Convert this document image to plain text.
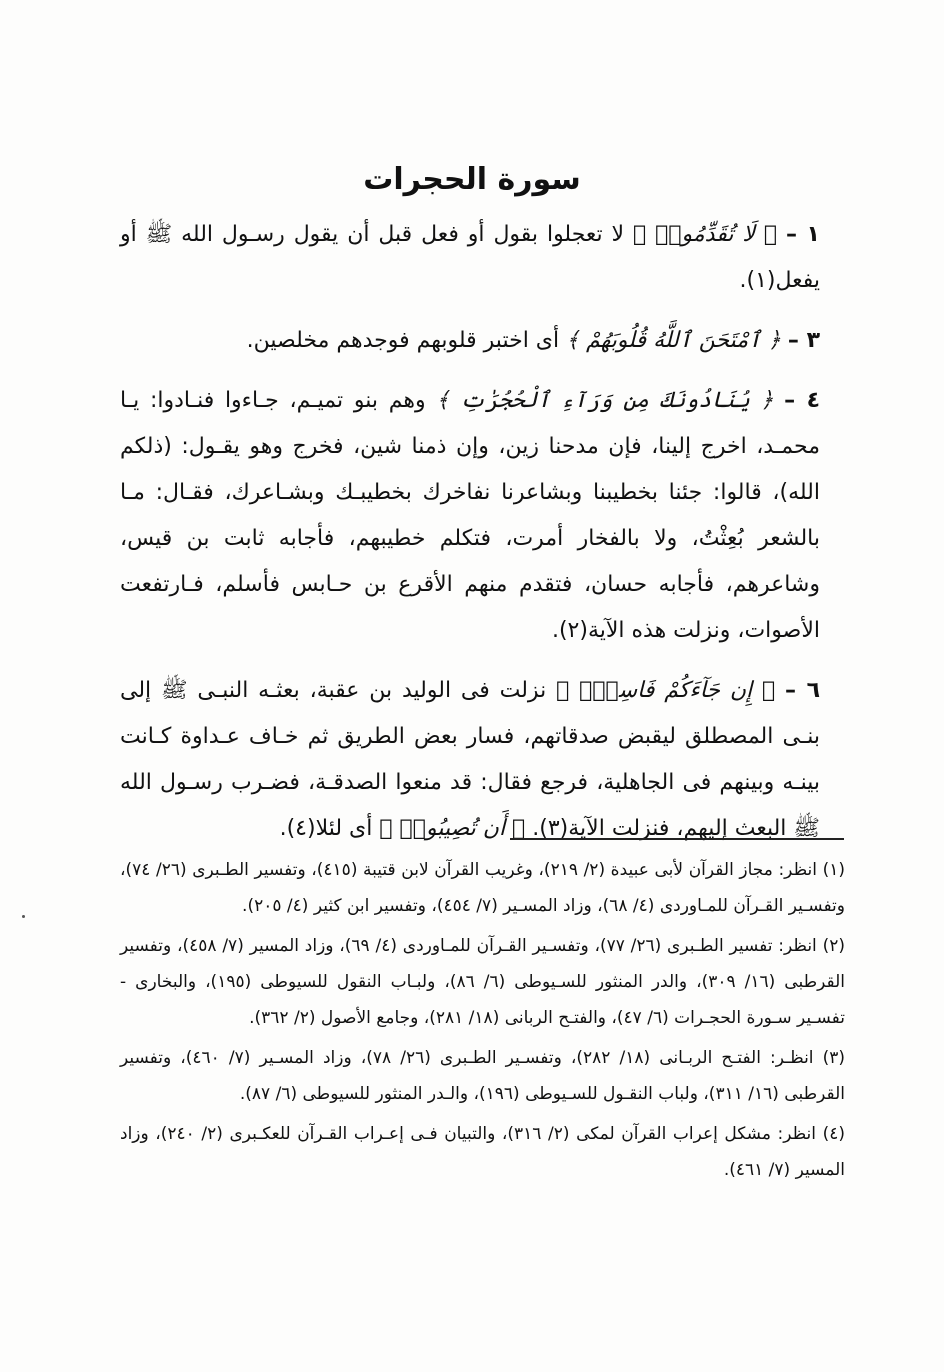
سورة الحجرات

١ – ﴿ لَا تُقَدِّمُوا۟ ﴾ لا تعجلوا بقول أو فعل قبل أن يقول رسـول الله ﷺ أو يفعل(١).

٣ – ﴿ ٱمْتَحَنَ ٱللَّهُ قُلُوبَهُمْ ﴾ أى اختبر قلوبهم فوجدهم مخلصين.

٤ – ﴿ يُنَادُونَكَ مِن وَرَآءِ ٱلْحُجُرَٰتِ ﴾ وهم بنو تميـم، جـاءوا فنـادوا: يـا محمـد، اخرج إلينا، فإن مدحنا زين، وإن ذمنا شين، فخرج وهو يقـول: (ذلكم الله)، قالوا: جئنا بخطيبنا وبشاعرنا نفاخرك بخطيبـك وبشـاعرك، فقـال: مـا بالشعر بُعِثْتُ، ولا بالفخار أمرت، فتكلم خطيبهم، فأجابه ثابت بن قيس، وشاعرهم، فأجابه حسان، فتقدم منهم الأقرع بن حـابس فأسلم، فـارتفعت الأصوات، ونزلت هذه الآية(٢).

٦ – ﴿ إِن جَآءَكُمْ فَاسِقٌۢ ﴾ نزلت فى الوليد بن عقبة، بعثـه النبـى ﷺ إلى بنـى المصطلق ليقبض صدقاتهم، فسار بعض الطريق ثم خـاف عـداوة كـانت بينـه وبينهم فى الجاهلية، فرجع فقال: قد منعوا الصدقـة، فضـرب رسـول الله ﷺ البعث إليهم، فنزلت الآية(٣). ﴿ أَن تُصِيبُوا۟ ﴾ أى لئلا(٤).

(١) انظر: مجاز القرآن لأبى عبيدة (٢/ ٢١٩)، وغريب القرآن لابن قتيبة (٤١٥)، وتفسير الطـبرى (٢٦/ ٧٤)، وتفسـير القـرآن للمـاوردى (٤/ ٦٨)، وزاد المسـير (٧/ ٤٥٤)، وتفسير ابن كثير (٤/ ٢٠٥).

(٢) انظر: تفسير الطـبرى (٢٦/ ٧٧)، وتفسـير القـرآن للمـاوردى (٤/ ٦٩)، وزاد المسير (٧/ ٤٥٨)، وتفسير القرطبى (١٦/ ٣٠٩)، والدر المنثور للسـيوطى (٦/ ٨٦)، ولبـاب النقول للسيوطى (١٩٥)، والبخارى - تفسـير سـورة الحجـرات (٦/ ٤٧)، والفتـح الربانى (١٨/ ٢٨١)، وجامع الأصول (٢/ ٣٦٢).

(٣) انظـر: الفتـح الربـانى (١٨/ ٢٨٢)، وتفسـير الطـبرى (٢٦/ ٧٨)، وزاد المسـير (٧/ ٤٦٠)، وتفسير القرطبى (١٦/ ٣١١)، ولباب النقـول للسـيوطى (١٩٦)، والـدر المنثور للسيوطى (٦/ ٨٧).

(٤) انظر: مشكل إعراب القرآن لمكى (٢/ ٣١٦)، والتبيان فـى إعـراب القـرآن للعكـبرى (٢/ ٢٤٠)، وزاد المسير (٧/ ٤٦١).
